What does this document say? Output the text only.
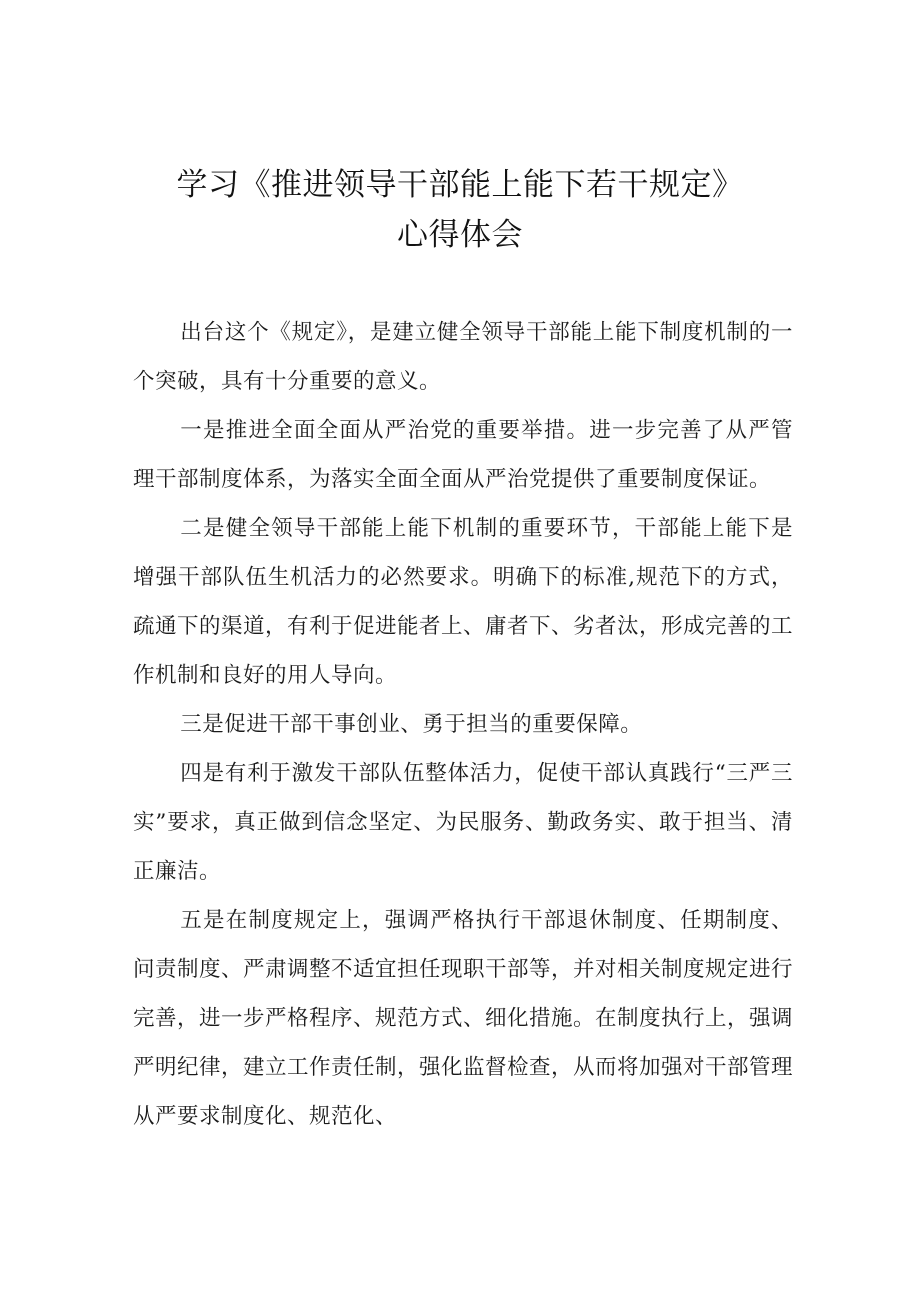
学习《推进领导干部能上能下若干规定》
心得体会

出台这个《规定》，是建立健全领导干部能上能下制度机制的一个突破，具有十分重要的意义。

一是推进全面全面从严治党的重要举措。进一步完善了从严管理干部制度体系，为落实全面全面从严治党提供了重要制度保证。

二是健全领导干部能上能下机制的重要环节，干部能上能下是增强干部队伍生机活力的必然要求。明确下的标准,规范下的方式，疏通下的渠道，有利于促进能者上、庸者下、劣者汰，形成完善的工作机制和良好的用人导向。

三是促进干部干事创业、勇于担当的重要保障。

四是有利于激发干部队伍整体活力，促使干部认真践行“三严三实”要求，真正做到信念坚定、为民服务、勤政务实、敢于担当、清正廉洁。

五是在制度规定上，强调严格执行干部退休制度、任期制度、问责制度、严肃调整不适宜担任现职干部等，并对相关制度规定进行完善，进一步严格程序、规范方式、细化措施。在制度执行上，强调严明纪律，建立工作责任制，强化监督检查，从而将加强对干部管理从严要求制度化、规范化、
